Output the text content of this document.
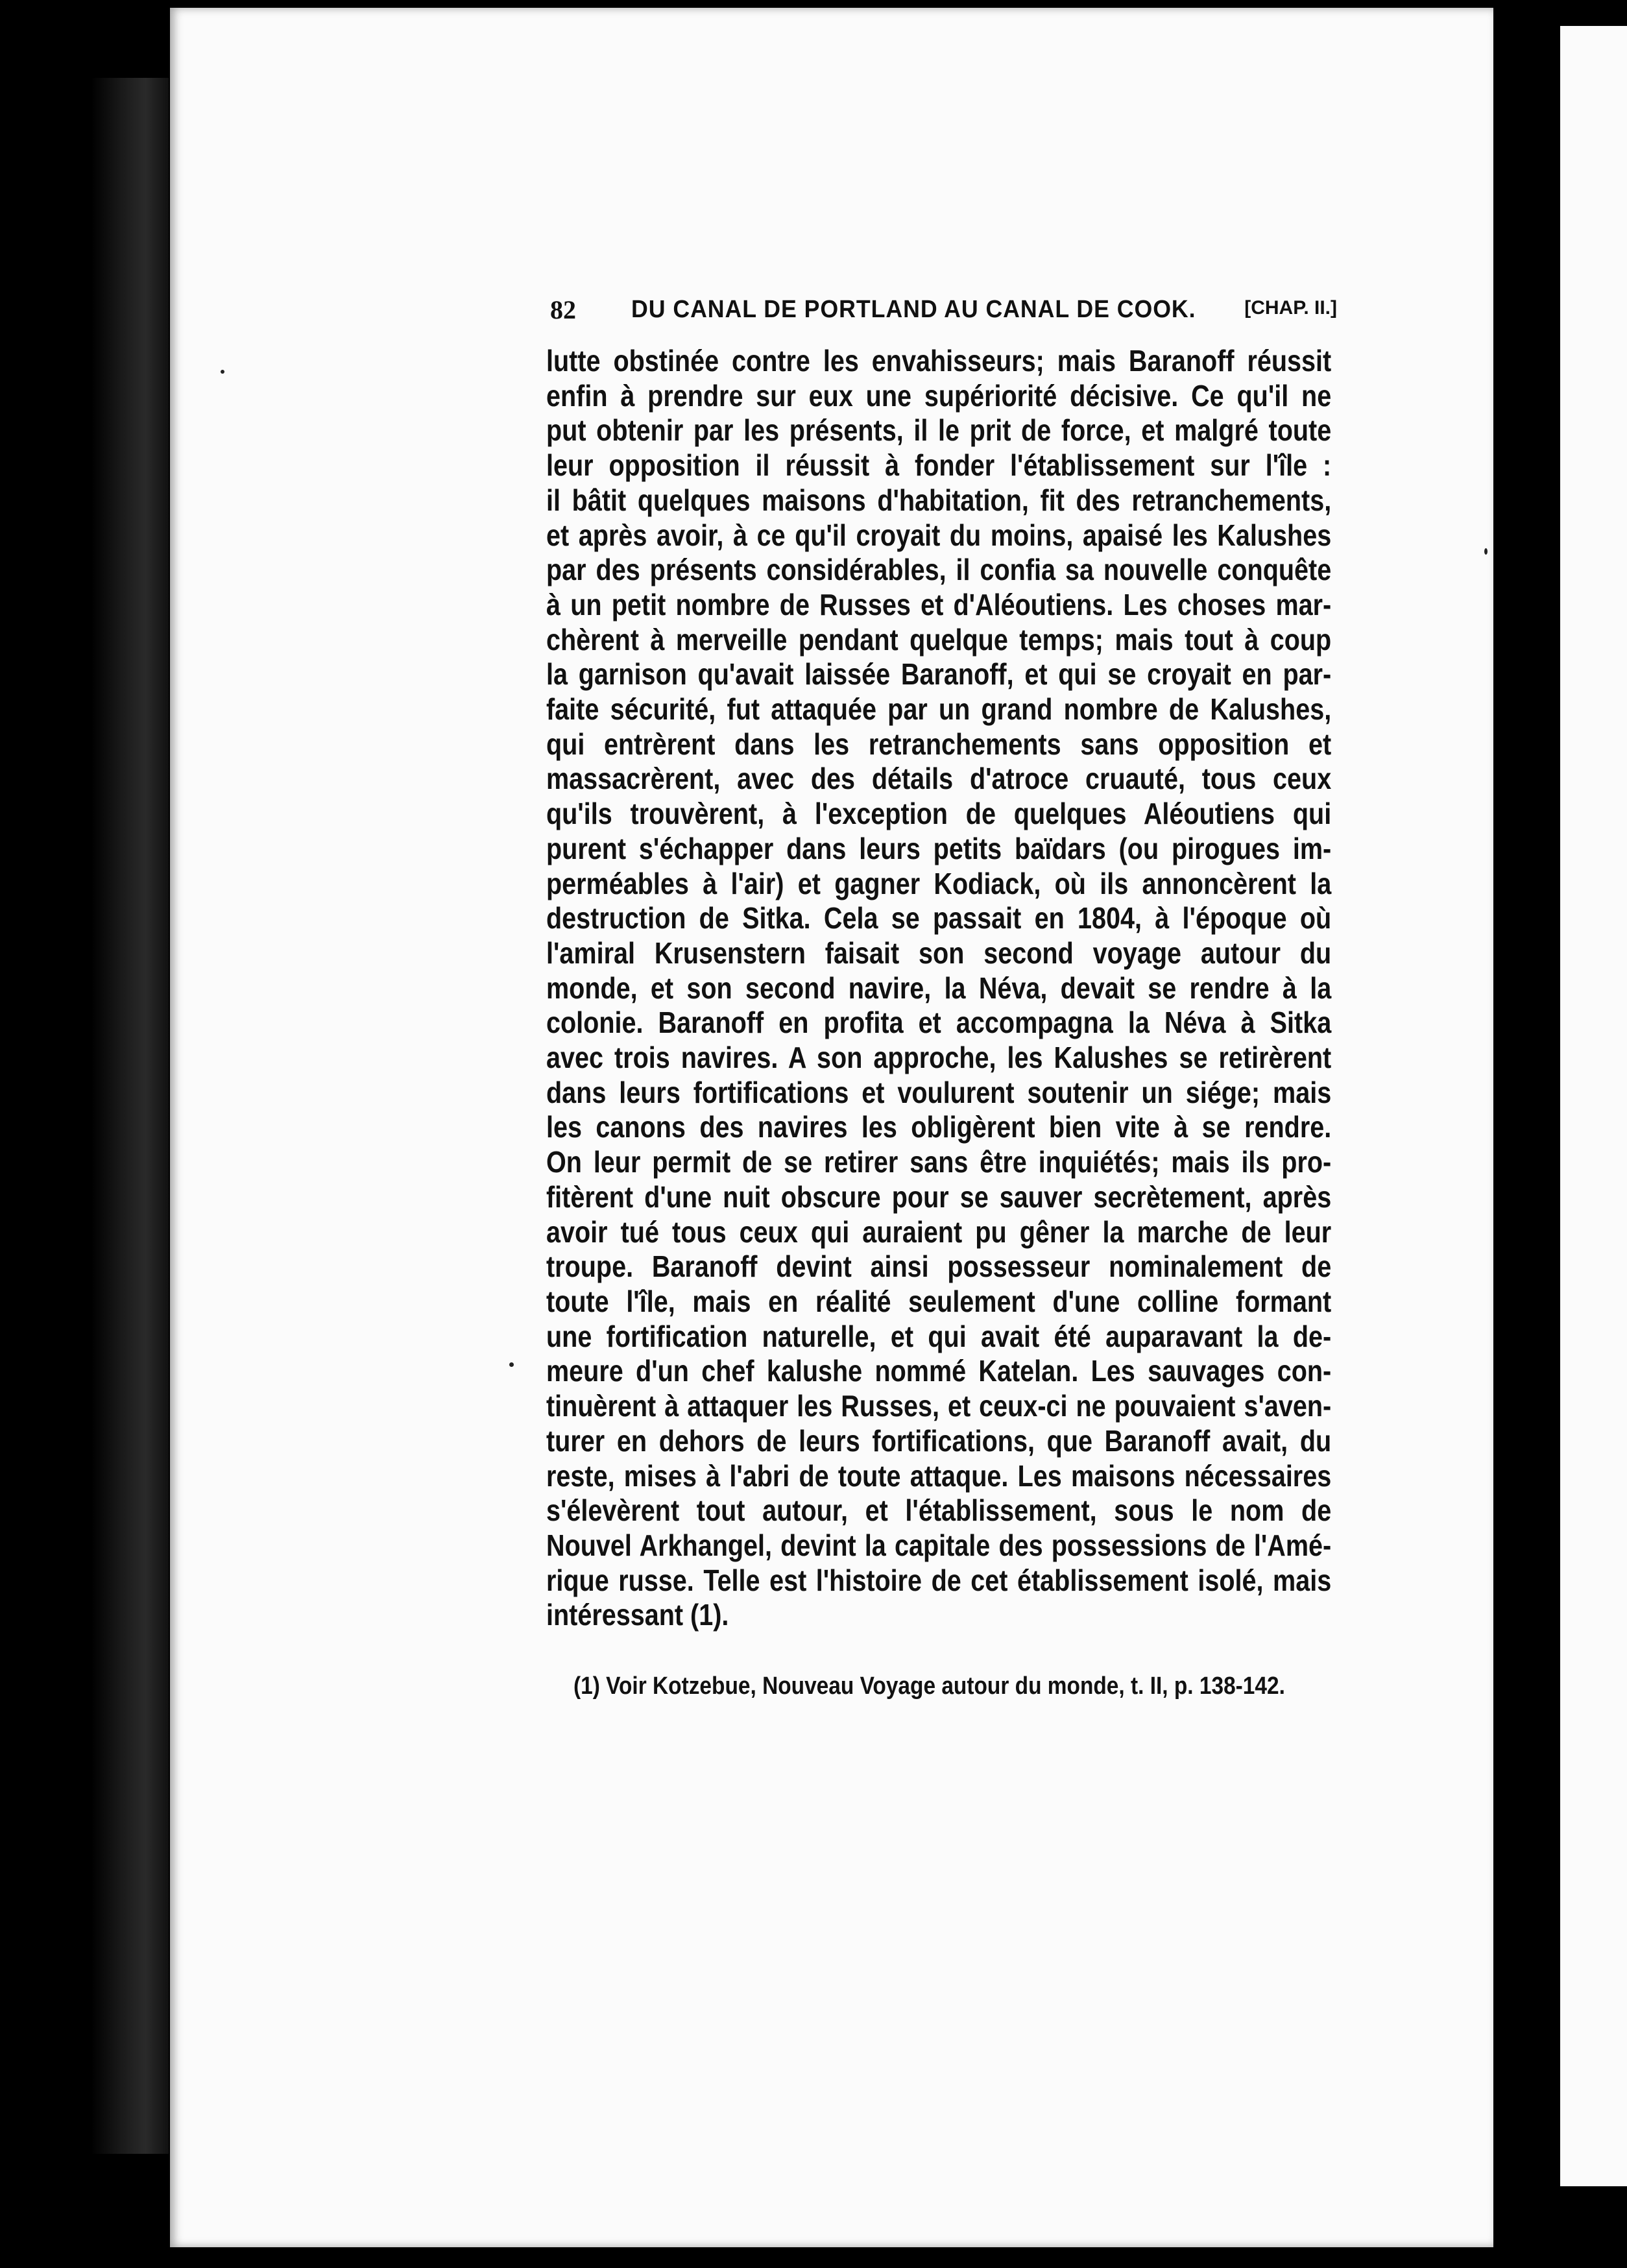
82 DU CANAL DE PORTLAND AU CANAL DE COOK. [CHAP. II.]
lutte obstinée contre les envahisseurs; mais Baranoff réussit
enfin à prendre sur eux une supériorité décisive. Ce qu'il ne
put obtenir par les présents, il le prit de force, et malgré toute
leur opposition il réussit à fonder l'établissement sur l'île :
il bâtit quelques maisons d'habitation, fit des retranchements,
et après avoir, à ce qu'il croyait du moins, apaisé les Kalushes
par des présents considérables, il confia sa nouvelle conquête
à un petit nombre de Russes et d'Aléoutiens. Les choses mar-
chèrent à merveille pendant quelque temps; mais tout à coup
la garnison qu'avait laissée Baranoff, et qui se croyait en par-
faite sécurité, fut attaquée par un grand nombre de Kalushes,
qui entrèrent dans les retranchements sans opposition et
massacrèrent, avec des détails d'atroce cruauté, tous ceux
qu'ils trouvèrent, à l'exception de quelques Aléoutiens qui
purent s'échapper dans leurs petits baïdars (ou pirogues im-
perméables à l'air) et gagner Kodiack, où ils annoncèrent la
destruction de Sitka. Cela se passait en 1804, à l'époque où
l'amiral Krusenstern faisait son second voyage autour du
monde, et son second navire, la Néva, devait se rendre à la
colonie. Baranoff en profita et accompagna la Néva à Sitka
avec trois navires. A son approche, les Kalushes se retirèrent
dans leurs fortifications et voulurent soutenir un siége; mais
les canons des navires les obligèrent bien vite à se rendre.
On leur permit de se retirer sans être inquiétés; mais ils pro-
fitèrent d'une nuit obscure pour se sauver secrètement, après
avoir tué tous ceux qui auraient pu gêner la marche de leur
troupe. Baranoff devint ainsi possesseur nominalement de
toute l'île, mais en réalité seulement d'une colline formant
une fortification naturelle, et qui avait été auparavant la de-
meure d'un chef kalushe nommé Katelan. Les sauvages con-
tinuèrent à attaquer les Russes, et ceux-ci ne pouvaient s'aven-
turer en dehors de leurs fortifications, que Baranoff avait, du
reste, mises à l'abri de toute attaque. Les maisons nécessaires
s'élevèrent tout autour, et l'établissement, sous le nom de
Nouvel Arkhangel, devint la capitale des possessions de l'Amé-
rique russe. Telle est l'histoire de cet établissement isolé, mais
intéressant (1).
(1) Voir Kotzebue, Nouveau Voyage autour du monde, t. II, p. 138-142.
